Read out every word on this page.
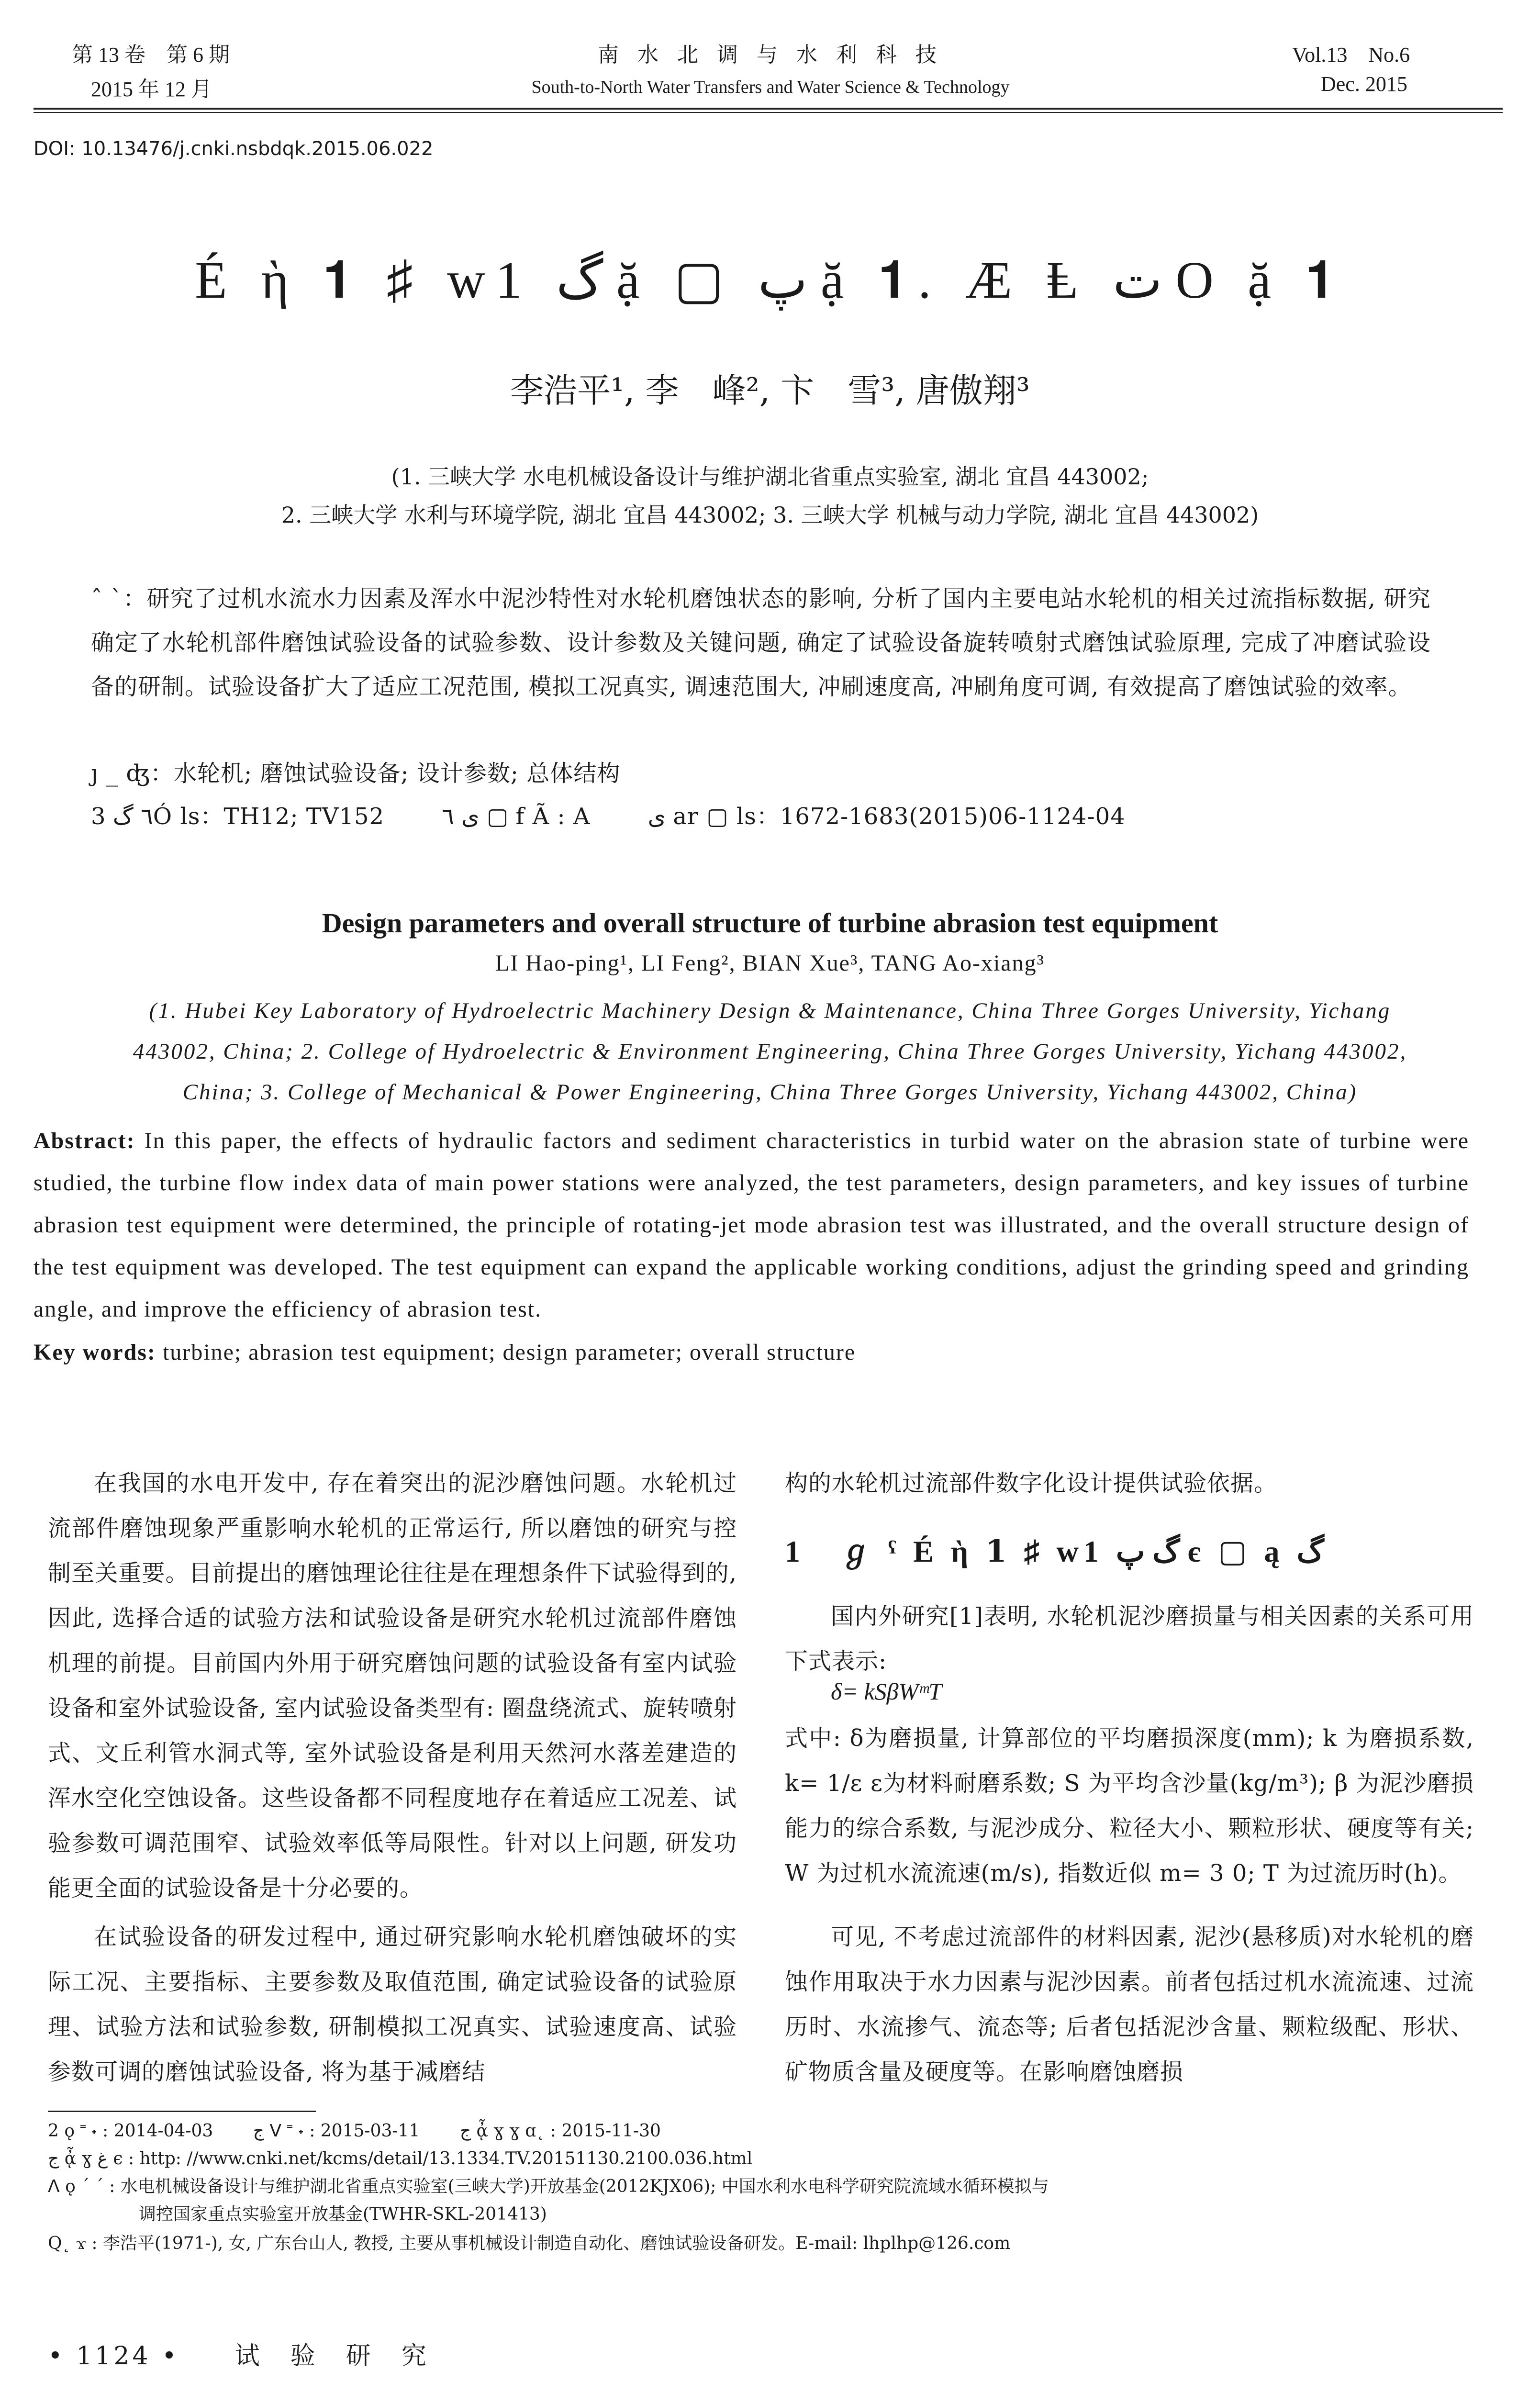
第 13 卷　第 6 期
2015 年 12 月
南 水 北 调 与 水 利 科 技
South-to-North Water Transfers and Water Science & Technology
Vol.13　No.6
Dec. 2015
DOI: 10.13476/j.cnki.nsbdqk.2015.06.022
É ὴ 𝟏 ♯ w1 گ ặ ▢ پ ặ 𝟏. Æ Ⱡ ت O ặ 𝟏
李浩平¹, 李　峰², 卞　雪³, 唐傲翔³
(1. 三峡大学 水电机械设备设计与维护湖北省重点实验室, 湖北 宜昌 443002;
2. 三峡大学 水利与环境学院, 湖北 宜昌 443002; 3. 三峡大学 机械与动力学院, 湖北 宜昌 443002)
ˆ ˋ：研究了过机水流水力因素及浑水中泥沙特性对水轮机磨蚀状态的影响, 分析了国内主要电站水轮机的相关过流指标数据, 研究确定了水轮机部件磨蚀试验设备的试验参数、设计参数及关键问题, 确定了试验设备旋转喷射式磨蚀试验原理, 完成了冲磨试验设备的研制。试验设备扩大了适应工况范围, 模拟工况真实, 调速范围大, 冲刷速度高, 冲刷角度可调, 有效提高了磨蚀试验的效率。
ȷ _ ʤ：水轮机; 磨蚀试验设备; 设计参数; 总体结构
3 ٦ گÓ ls：TH12; TV152	ى ٦ ▢ f Ã : A	ى ar ▢ ls：1672-1683(2015)06-1124-04
Design parameters and overall structure of turbine abrasion test equipment
LI Hao-ping¹, LI Feng², BIAN Xue³, TANG Ao-xiang³
(1. Hubei Key Laboratory of Hydroelectric Machinery Design & Maintenance, China Three Gorges University, Yichang
443002, China; 2. College of Hydroelectric & Environment Engineering, China Three Gorges University, Yichang 443002,
China; 3. College of Mechanical & Power Engineering, China Three Gorges University, Yichang 443002, China)
Abstract: In this paper, the effects of hydraulic factors and sediment characteristics in turbid water on the abrasion state of turbine were studied, the turbine flow index data of main power stations were analyzed, the test parameters, design parameters, and key issues of turbine abrasion test equipment were determined, the principle of rotating-jet mode abrasion test was illustrated, and the overall structure design of the test equipment was developed. The test equipment can expand the applicable working conditions, adjust the grinding speed and grinding angle, and improve the efficiency of abrasion test.
Key words: turbine; abrasion test equipment; design parameter; overall structure
在我国的水电开发中, 存在着突出的泥沙磨蚀问题。水轮机过流部件磨蚀现象严重影响水轮机的正常运行, 所以磨蚀的研究与控制至关重要。目前提出的磨蚀理论往往是在理想条件下试验得到的, 因此, 选择合适的试验方法和试验设备是研究水轮机过流部件磨蚀机理的前提。目前国内外用于研究磨蚀问题的试验设备有室内试验设备和室外试验设备, 室内试验设备类型有: 圈盘绕流式、旋转喷射式、文丘利管水洞式等, 室外试验设备是利用天然河水落差建造的浑水空化空蚀设备。这些设备都不同程度地存在着适应工况差、试验参数可调范围窄、试验效率低等局限性。针对以上问题, 研发功能更全面的试验设备是十分必要的。
在试验设备的研发过程中, 通过研究影响水轮机磨蚀破坏的实际工况、主要指标、主要参数及取值范围, 确定试验设备的试验原理、试验方法和试验参数, 研制模拟工况真实、试验速度高、试验参数可调的磨蚀试验设备, 将为基于减磨结
构的水轮机过流部件数字化设计提供试验依据。
1　ℊ ˁ É ὴ 𝟏 ♯ w1 گ پ є ▢ ą گ
国内外研究[1]表明, 水轮机泥沙磨损量与相关因素的关系可用下式表示:
δ= kSβWᵐT
式中: δ为磨损量, 计算部位的平均磨损深度(mm); k 为磨损系数, k= 1/ε ε为材料耐磨系数; S 为平均含沙量(kg/m³); β 为泥沙磨损能力的综合系数, 与泥沙成分、粒径大小、颗粒形状、硬度等有关; W 为过机水流流速(m/s), 指数近似 m= 3 0; T 为过流历时(h)。
可见, 不考虑过流部件的材料因素, 泥沙(悬移质)对水轮机的磨蚀作用取决于水力因素与泥沙因素。前者包括过机水流流速、过流历时、水流掺气、流态等; 后者包括泥沙含量、颗粒级配、形状、矿物质含量及硬度等。在影响磨蚀磨损
2 ǫ ˭ ˖ : 2014-04-03　　 ج ᐯ ˭ ˖ : 2015-03-11　　 ج ᾆ ɣ ɣ ɑ˛ : 2015-11-30
ج ᾆ ɣ غ є : http: //www.cnki.net/kcms/detail/13.1334.TV.20151130.2100.036.html
ᐱ ǫ ˊ ˊ : 水电机械设备设计与维护湖北省重点实验室(三峡大学)开放基金(2012KJX06); 中国水利水电科学研究院流域水循环模拟与
调控国家重点实验室开放基金(TWHR-SKL-201413)
Q˛ ϫ : 李浩平(1971-), 女, 广东台山人, 教授, 主要从事机械设计制造自动化、磨蚀试验设备研发。E-mail: lhplhp@126.com
• 1124 •　　试　验　研　究
